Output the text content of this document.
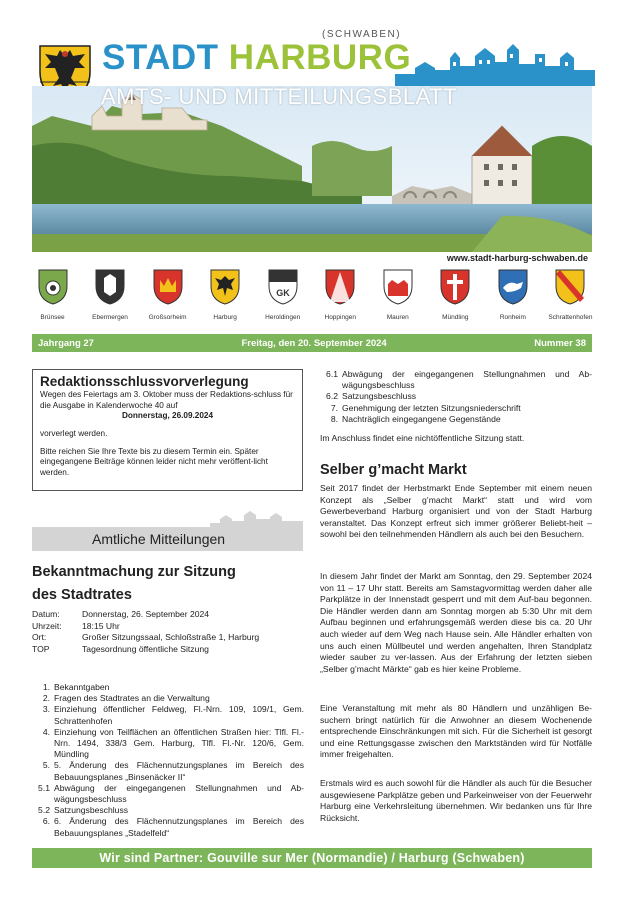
(SCHWABEN)
STADT HARBURG
AMTS- UND MITTEILUNGSBLATT
www.stadt-harburg-schwaben.de
Brünsee	Ebermergen	Großsorheim	Harburg
GK
Heroldingen	Hoppingen	Mauren	Mündling	Ronheim	Schrattenhofen
Jahrgang 27	Freitag, den 20. September 2024	Nummer 38
Redaktionsschlussvorverlegung

Wegen des Feiertags am 3. Oktober muss der Redaktions-schluss für die Ausgabe in Kalenderwoche 40 auf

Donnerstag, 26.09.2024

vorverlegt werden.

Bitte reichen Sie Ihre Texte bis zu diesem Termin ein. Später eingegangene Beiträge können leider nicht mehr veröffent-licht werden.

Amtliche Mitteilungen
Bekanntmachung zur Sitzung
des Stadtrates
Datum:	Donnerstag, 26. September 2024
Uhrzeit:	18:15 Uhr
Ort:	Großer Sitzungssaal, Schloßstraße 1, Harburg
TOP	Tagesordnung öffentliche Sitzung
1. Bekanntgaben
2. Fragen des Stadtrates an die Verwaltung
3. Einziehung öffentlicher Feldweg, Fl.-Nrn. 109, 109/1, Gem. Schrattenhofen
4. Einziehung von Teilflächen an öffentlichen Straßen hier: Tlfl. Fl.-Nrn. 1494, 338/3 Gem. Harburg, Tlfl. Fl.-Nr. 120/6, Gem. Mündling
5. 5. Änderung des Flächennutzungsplanes im Bereich des Bebauungsplanes „Binsenäcker II“
5.1 Abwägung der eingegangenen Stellungnahmen und Ab-wägungsbeschluss
5.2 Satzungsbeschluss
6. 6. Änderung des Flächennutzungsplanes im Bereich des Bebauungsplanes „Stadelfeld“
6.1 Abwägung der eingegangenen Stellungnahmen und Ab-wägungsbeschluss
6.2 Satzungsbeschluss
7. Genehmigung der letzten Sitzungsniederschrift
8. Nachträglich eingegangene Gegenstände
Im Anschluss findet eine nichtöffentliche Sitzung statt.
Selber g’macht Markt
Seit 2017 findet der Herbstmarkt Ende September mit einem neuen Konzept als „Selber g’macht Markt“ statt und wird vom Gewerbeverband Harburg organisiert und von der Stadt Harburg veranstaltet. Das Konzept erfreut sich immer größerer Beliebt-heit – sowohl bei den teilnehmenden Händlern als auch bei den Besuchern.
In diesem Jahr findet der Markt am Sonntag, den 29. September 2024 von 11 – 17 Uhr statt. Bereits am Samstagvormittag werden daher alle Parkplätze in der Innenstadt gesperrt und mit dem Auf-bau begonnen. Die Händler werden dann am Sonntag morgen ab 5:30 Uhr mit dem Aufbau beginnen und erfahrungsgemäß werden diese bis ca. 20 Uhr auch wieder auf dem Weg nach Hause sein. Alle Händler erhalten von uns auch einen Müllbeutel und werden angehalten, Ihren Standplatz wieder sauber zu ver-lassen. Aus der Erfahrung der letzten sieben „Selber g’macht Märkte“ gab es hier keine Probleme.
Eine Veranstaltung mit mehr als 80 Händlern und unzähligen Be-suchern bringt natürlich für die Anwohner an diesem Wochenende entsprechende Einschränkungen mit sich. Für die Sicherheit ist gesorgt und eine Rettungsgasse zwischen den Marktständen wird für Notfälle immer freigehalten.
Erstmals wird es auch sowohl für die Händler als auch für die Besucher ausgewiesene Parkplätze geben und Parkeinweiser von der Feuerwehr Harburg eine Verkehrsleitung übernehmen. Wir bedanken uns für Ihre Rücksicht.
Wir sind Partner: Gouville sur Mer (Normandie) / Harburg (Schwaben)
